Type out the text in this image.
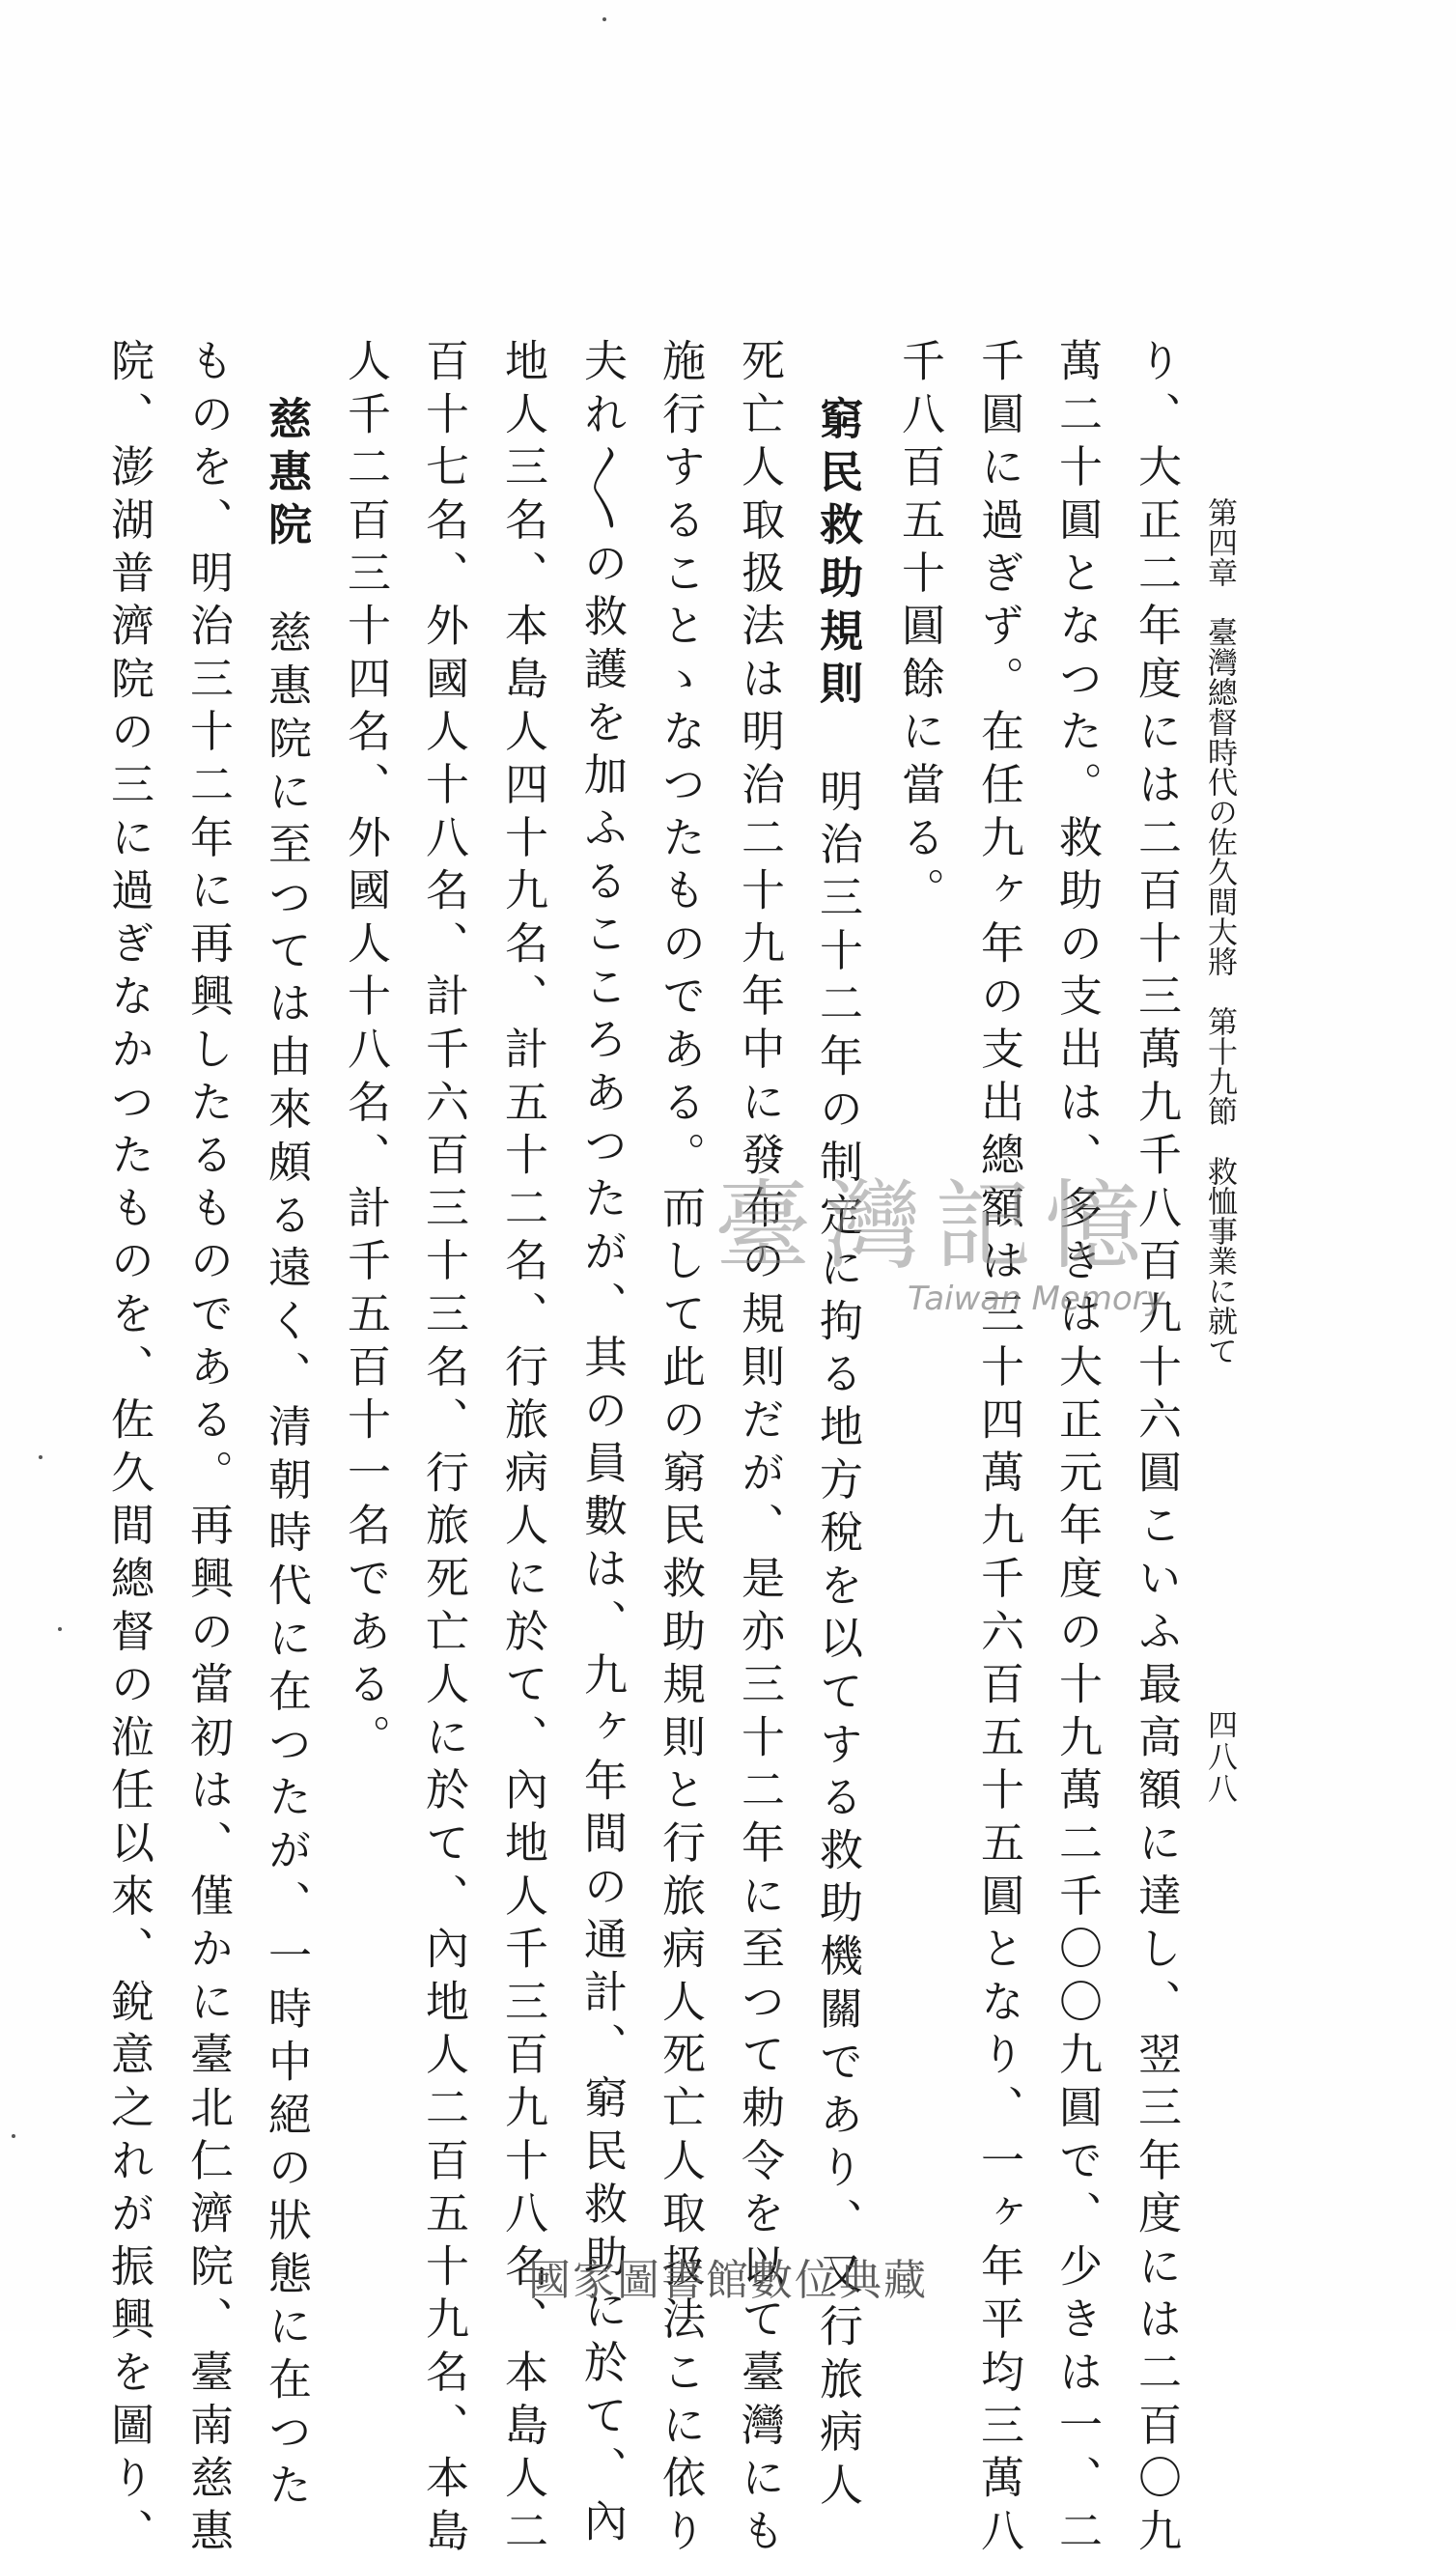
第四章　臺灣總督時代の佐久間大將　第十九節　救恤事業に就て
四八八
り、大正二年度には二百十三萬九千八百九十六圓こいふ最高額に達し、翌三年度には二百〇九
萬二十圓となつた。救助の支出は、多きは大正元年度の十九萬二千〇〇九圓で、少きは一、二
千圓に過ぎず。在任九ヶ年の支出總額は三十四萬九千六百五十五圓となり、一ヶ年平均三萬八
千八百五十圓餘に當る。
窮民救助規則明治三十二年の制定に拘る地方稅を以てする救助機關であり、又行旅病人
死亡人取扱法は明治二十九年中に發布の規則だが、是亦三十二年に至つて勅令を以て臺灣にも
施行することゝなつたものである。而して此の窮民救助規則と行旅病人死亡人取扱法こに依り
夫れ〳〵の救護を加ふるこころあつたが、其の員數は、九ヶ年間の通計、窮民救助に於て、內
地人三名、本島人四十九名、計五十二名、行旅病人に於て、內地人千三百九十八名、本島人二
百十七名、外國人十八名、計千六百三十三名、行旅死亡人に於て、內地人二百五十九名、本島
人千二百三十四名、外國人十八名、計千五百十一名である。
慈惠院慈惠院に至つては由來頗る遠く、清朝時代に在つたが、一時中絕の狀態に在つた
ものを、明治三十二年に再興したるものである。再興の當初は、僅かに臺北仁濟院、臺南慈惠
院、澎湖普濟院の三に過ぎなかつたものを、佐久間總督の涖任以來、銳意之れが振興を圖り、	臺灣記憶
Taiwan Memory
國家圖書館數位典藏
